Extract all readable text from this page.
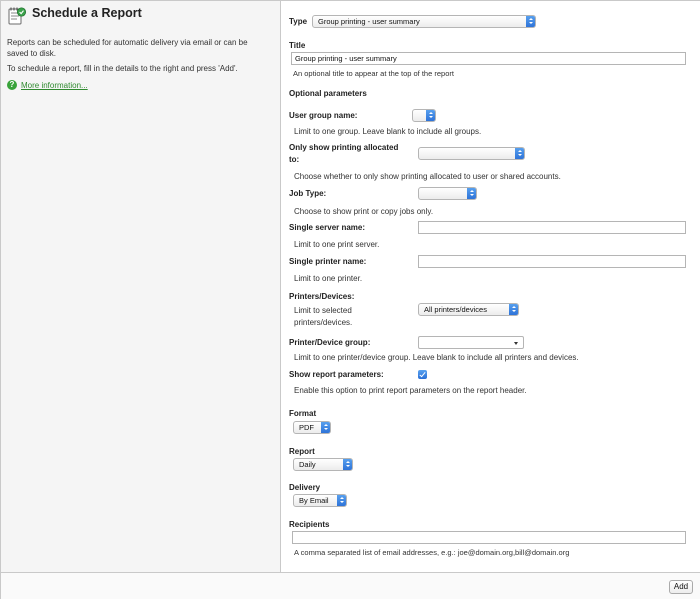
Schedule a Report
Reports can be scheduled for automatic delivery via email or can be saved to disk.
To schedule a report, fill in the details to the right and press 'Add'.
? More information...
Type	Group printing - user summary
Title
Group printing - user summary
An optional title to appear at the top of the report
Optional parameters
User group name:
Limit to one group. Leave blank to include all groups.
Only show printing allocated
to:
Choose whether to only show printing allocated to user or shared accounts.
Job Type:
Choose to show print or copy jobs only.
Single server name:
Limit to one print server.
Single printer name:
Limit to one printer.
Printers/Devices:
Limit to selected
printers/devices.
All printers/devices
Printer/Device group:
Limit to one printer/device group. Leave blank to include all printers and devices.
Show report parameters:
Enable this option to print report parameters on the report header.
Format
PDF
Report
Daily
Delivery
By Email
Recipients
A comma separated list of email addresses, e.g.: joe@domain.org,bill@domain.org
Add
